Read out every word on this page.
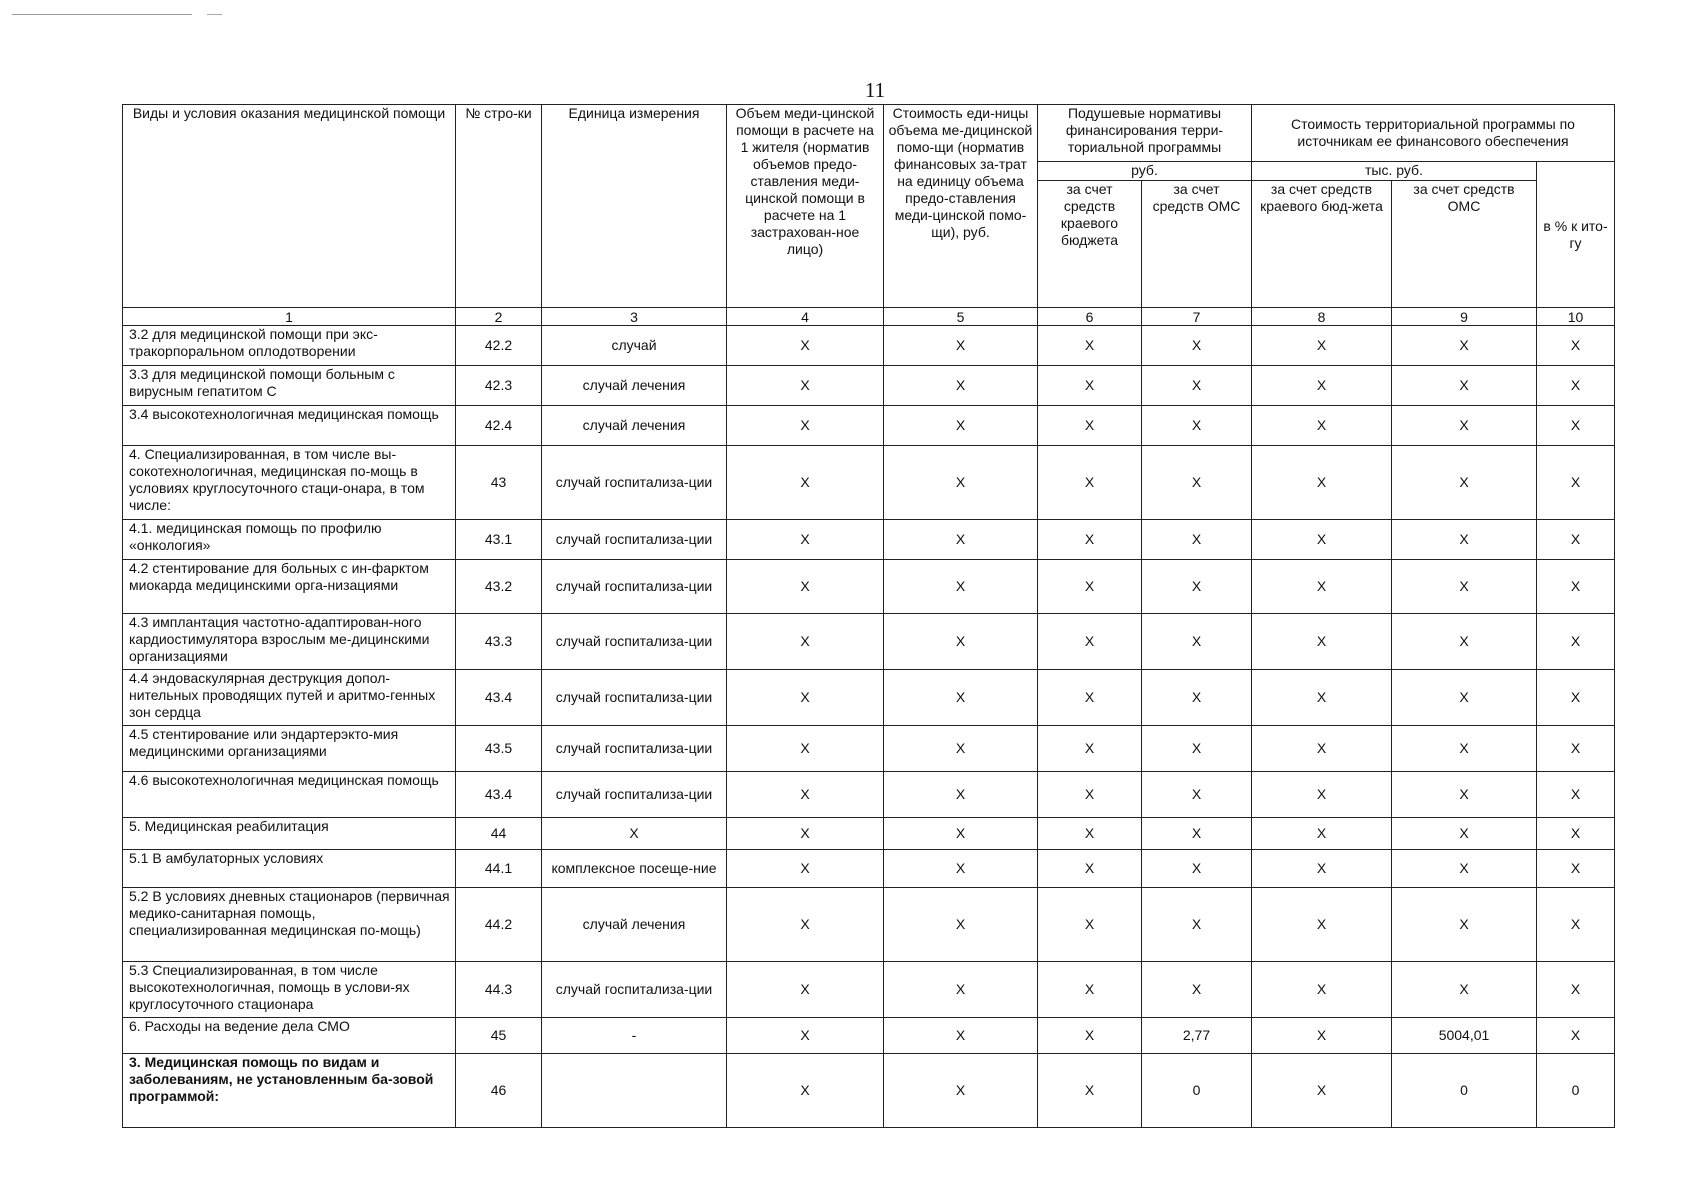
11
Виды и условия оказания медицинской помощи	№ стро-ки	Единица измерения	Объем меди-цинской помощи в расчете на 1 жителя (норматив объемов предо-ставления меди-цинской помощи в расчете на 1 застрахован-ное лицо)	Стоимость еди-ницы объема ме-дицинской помо-щи (норматив финансовых за-трат на единицу объема предо-ставления меди-цинской помо-щи), руб.	Подушевые нормативы финансирования терри-ториальной программы		Стоимость территориальной программы по источникам ее финансового обеспечения		
					руб.		тыс. руб.		в % к ито-гу
					за счет средств краевого бюджета	за счет средств ОМС	за счет средств краевого бюд-жета	за счет средств ОМС	
1	2	3	4	5	6	7	8	9	10
3.2 для медицинской помощи при экс-тракорпоральном оплодотворении	42.2	случай	X	X	X	X	X	X	X
3.3 для медицинской помощи больным с вирусным гепатитом С	42.3	случай лечения	X	X	X	X	X	X	X
3.4 высокотехнологичная медицинская помощь	42.4	случай лечения	X	X	X	X	X	X	X
4. Специализированная, в том числе вы-сокотехнологичная, медицинская по-мощь в условиях круглосуточного стаци-онара, в том числе:	43	случай госпитализа-ции	X	X	X	X	X	X	X
4.1. медицинская помощь по профилю «онкология»	43.1	случай госпитализа-ции	X	X	X	X	X	X	X
4.2 стентирование для больных с ин-фарктом миокарда медицинскими орга-низациями	43.2	случай госпитализа-ции	X	X	X	X	X	X	X
4.3 имплантация частотно-адаптирован-ного кардиостимулятора взрослым ме-дицинскими организациями	43.3	случай госпитализа-ции	X	X	X	X	X	X	X
4.4 эндоваскулярная деструкция допол-нительных проводящих путей и аритмо-генных зон сердца	43.4	случай госпитализа-ции	X	X	X	X	X	X	X
4.5 стентирование или эндартерэкто-мия медицинскими организациями	43.5	случай госпитализа-ции	X	X	X	X	X	X	X
4.6 высокотехнологичная медицинская помощь	43.4	случай госпитализа-ции	X	X	X	X	X	X	X
5. Медицинская реабилитация	44	X	X	X	X	X	X	X	X
5.1 В амбулаторных условиях	44.1	комплексное посеще-ние	X	X	X	X	X	X	X
5.2 В условиях дневных стационаров (первичная медико-санитарная помощь, специализированная медицинская по-мощь)	44.2	случай лечения	X	X	X	X	X	X	X
5.3 Специализированная, в том числе высокотехнологичная, помощь в услови-ях круглосуточного стационара	44.3	случай госпитализа-ции	X	X	X	X	X	X	X
6. Расходы на ведение дела СМО	45	-	X	X	X	2,77	X	5004,01	X
3. Медицинская помощь по видам и заболеваниям, не установленным ба-зовой программой:	46		X	X	X	0	X	0	0
